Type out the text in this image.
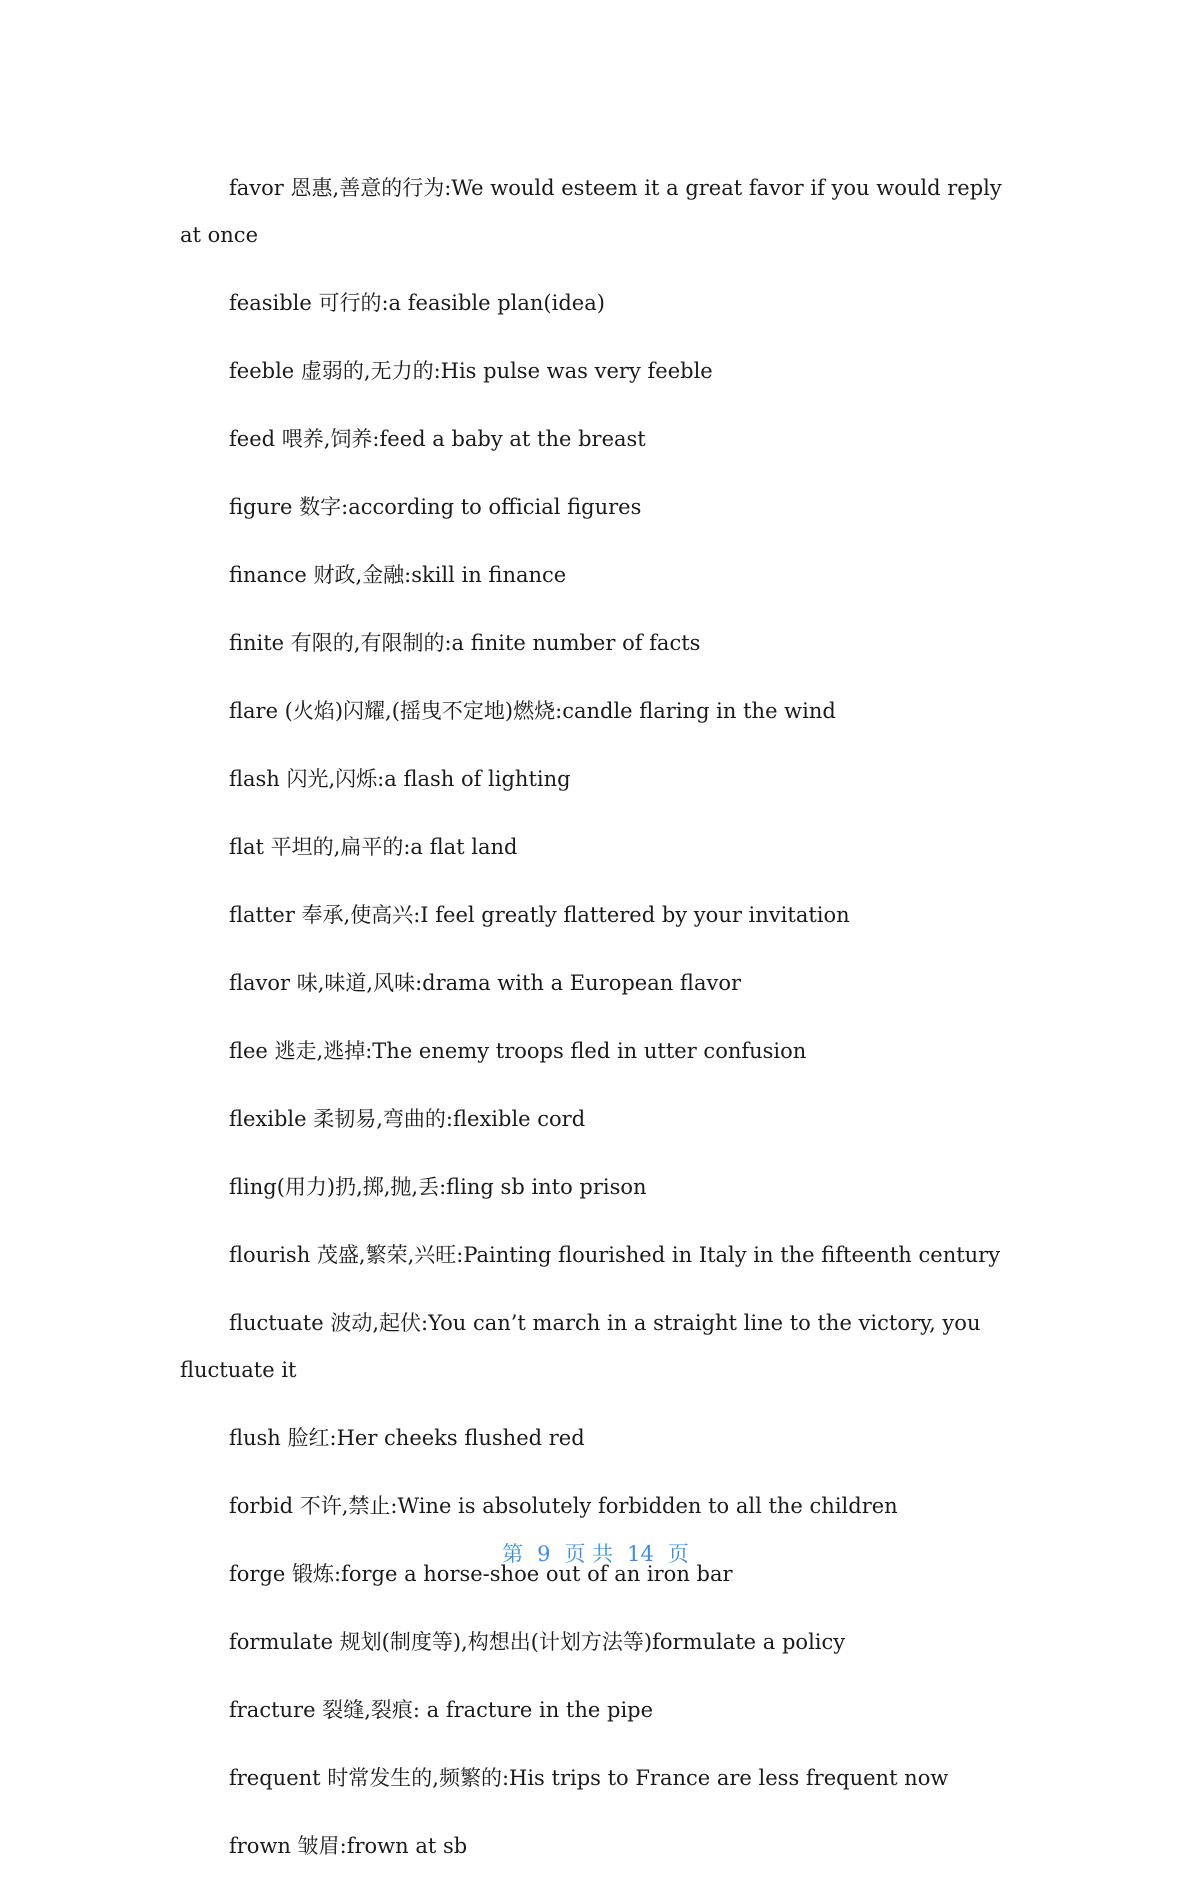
favor 恩惠,善意的行为:We would esteem it a great favor if you would reply at once

feasible 可行的:a feasible plan(idea)

feeble 虚弱的,无力的:His pulse was very feeble

feed 喂养,饲养:feed a baby at the breast

figure 数字:according to official figures

finance 财政,金融:skill in finance

finite 有限的,有限制的:a finite number of facts

flare (火焰)闪耀,(摇曳不定地)燃烧:candle flaring in the wind

flash 闪光,闪烁:a flash of lighting

flat 平坦的,扁平的:a flat land

flatter 奉承,使高兴:I feel greatly flattered by your invitation

flavor 味,味道,风味:drama with a European flavor

flee 逃走,逃掉:The enemy troops fled in utter confusion

flexible 柔韧易,弯曲的:flexible cord

fling(用力)扔,掷,抛,丢:fling sb into prison

flourish 茂盛,繁荣,兴旺:Painting flourished in Italy in the fifteenth century

fluctuate 波动,起伏:You can’t march in a straight line to the victory, you fluctuate it

flush 脸红:Her cheeks flushed red

forbid 不许,禁止:Wine is absolutely forbidden to all the children

forge 锻炼:forge a horse-shoe out of an iron bar

formulate 规划(制度等),构想出(计划方法等)formulate a policy

fracture 裂缝,裂痕: a fracture in the pipe

frequent 时常发生的,频繁的:His trips to France are less frequent now

frown 皱眉:frown at sb

第 9 页 共 14 页
